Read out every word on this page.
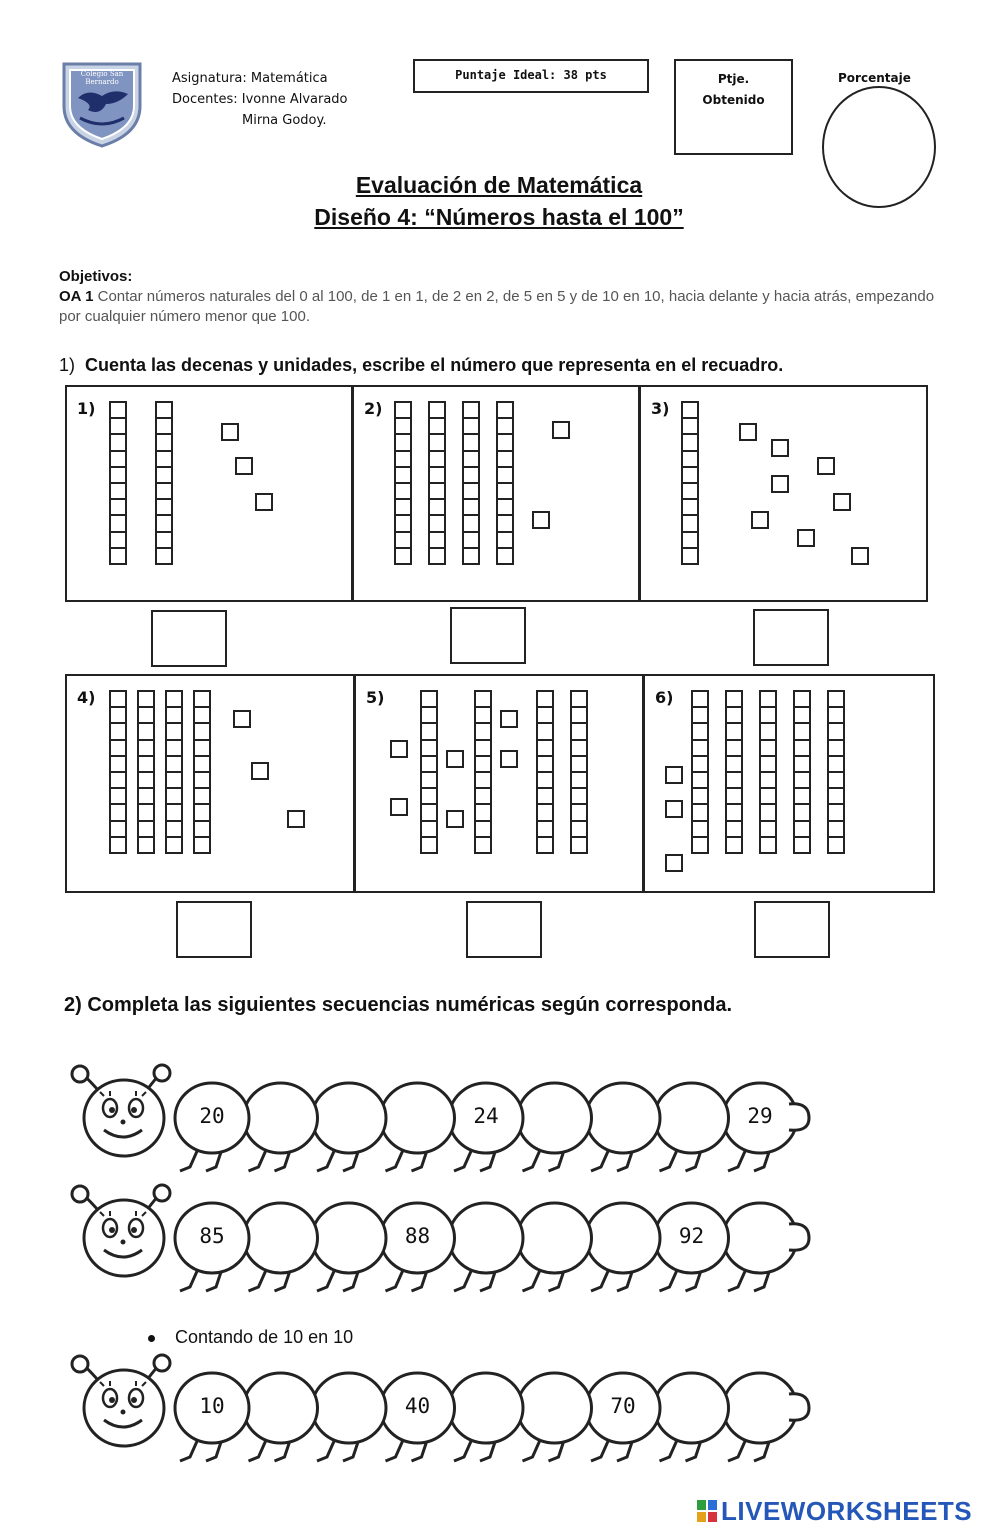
Colegio San Bernardo	Asignatura: Matemática
Docentes: Ivonne Alvarado
Mirna Godoy.
Puntaje Ideal: 38 pts	Ptje.
Obtenido
Porcentaje
Evaluación de Matemática
Diseño 4: “Números hasta el 100”
Objetivos:
OA 1 Contar números naturales del 0 al 100, de 1 en 1, de 2 en 2, de 5 en 5 y de 10 en 10, hacia delante y hacia atrás, empezando por cualquier número menor que 100.
1) Cuenta las decenas y unidades, escribe el número que representa en el recuadro.
1)	2)	3)
4)	5)	6)
2) Completa las siguientes secuencias numéricas según corresponda.
20	24	29
85	88	92
10	40	70
Contando de 10 en 10
LIVEWORKSHEETS
